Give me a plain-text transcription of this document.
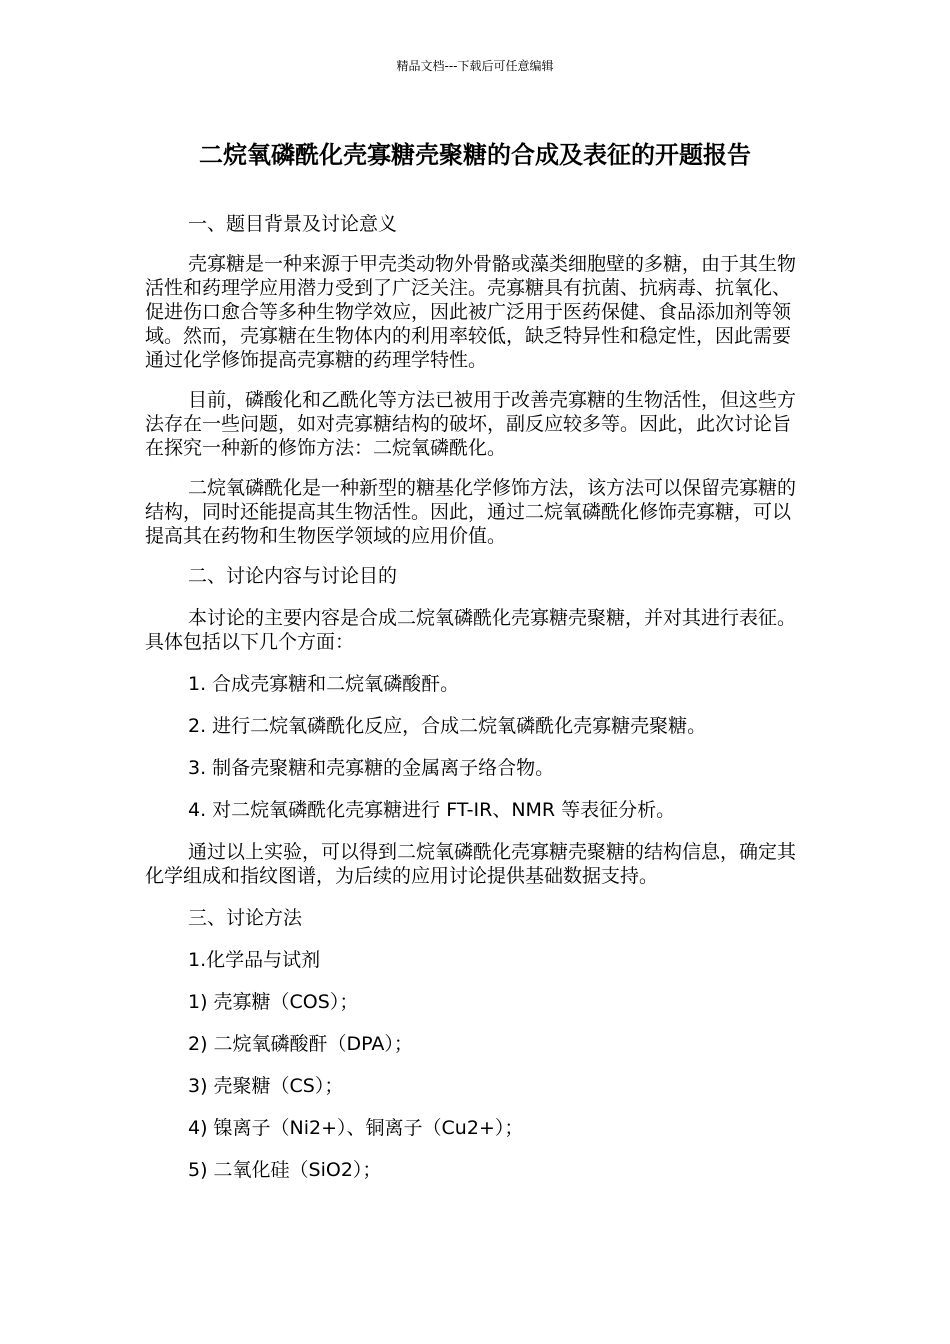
精品文档---下载后可任意编辑
二烷氧磷酰化壳寡糖壳聚糖的合成及表征的开题报告

一、题目背景及讨论意义

壳寡糖是一种来源于甲壳类动物外骨骼或藻类细胞壁的多糖，由于其生物活性和药理学应用潜力受到了广泛关注。壳寡糖具有抗菌、抗病毒、抗氧化、促进伤口愈合等多种生物学效应，因此被广泛用于医药保健、食品添加剂等领域。然而，壳寡糖在生物体内的利用率较低，缺乏特异性和稳定性，因此需要通过化学修饰提高壳寡糖的药理学特性。

目前，磷酸化和乙酰化等方法已被用于改善壳寡糖的生物活性，但这些方法存在一些问题，如对壳寡糖结构的破坏，副反应较多等。因此，此次讨论旨在探究一种新的修饰方法：二烷氧磷酰化。

二烷氧磷酰化是一种新型的糖基化学修饰方法，该方法可以保留壳寡糖的结构，同时还能提高其生物活性。因此，通过二烷氧磷酰化修饰壳寡糖，可以提高其在药物和生物医学领域的应用价值。

二、讨论内容与讨论目的

本讨论的主要内容是合成二烷氧磷酰化壳寡糖壳聚糖，并对其进行表征。具体包括以下几个方面：

1. 合成壳寡糖和二烷氧磷酸酐。

2. 进行二烷氧磷酰化反应，合成二烷氧磷酰化壳寡糖壳聚糖。

3. 制备壳聚糖和壳寡糖的金属离子络合物。

4. 对二烷氧磷酰化壳寡糖进行 FT-IR、NMR 等表征分析。

通过以上实验，可以得到二烷氧磷酰化壳寡糖壳聚糖的结构信息，确定其化学组成和指纹图谱，为后续的应用讨论提供基础数据支持。

三、讨论方法

1.化学品与试剂

1) 壳寡糖（COS）；

2) 二烷氧磷酸酐（DPA）；

3) 壳聚糖（CS）；

4) 镍离子（Ni2+）、铜离子（Cu2+）；

5) 二氧化硅（SiO2）；
